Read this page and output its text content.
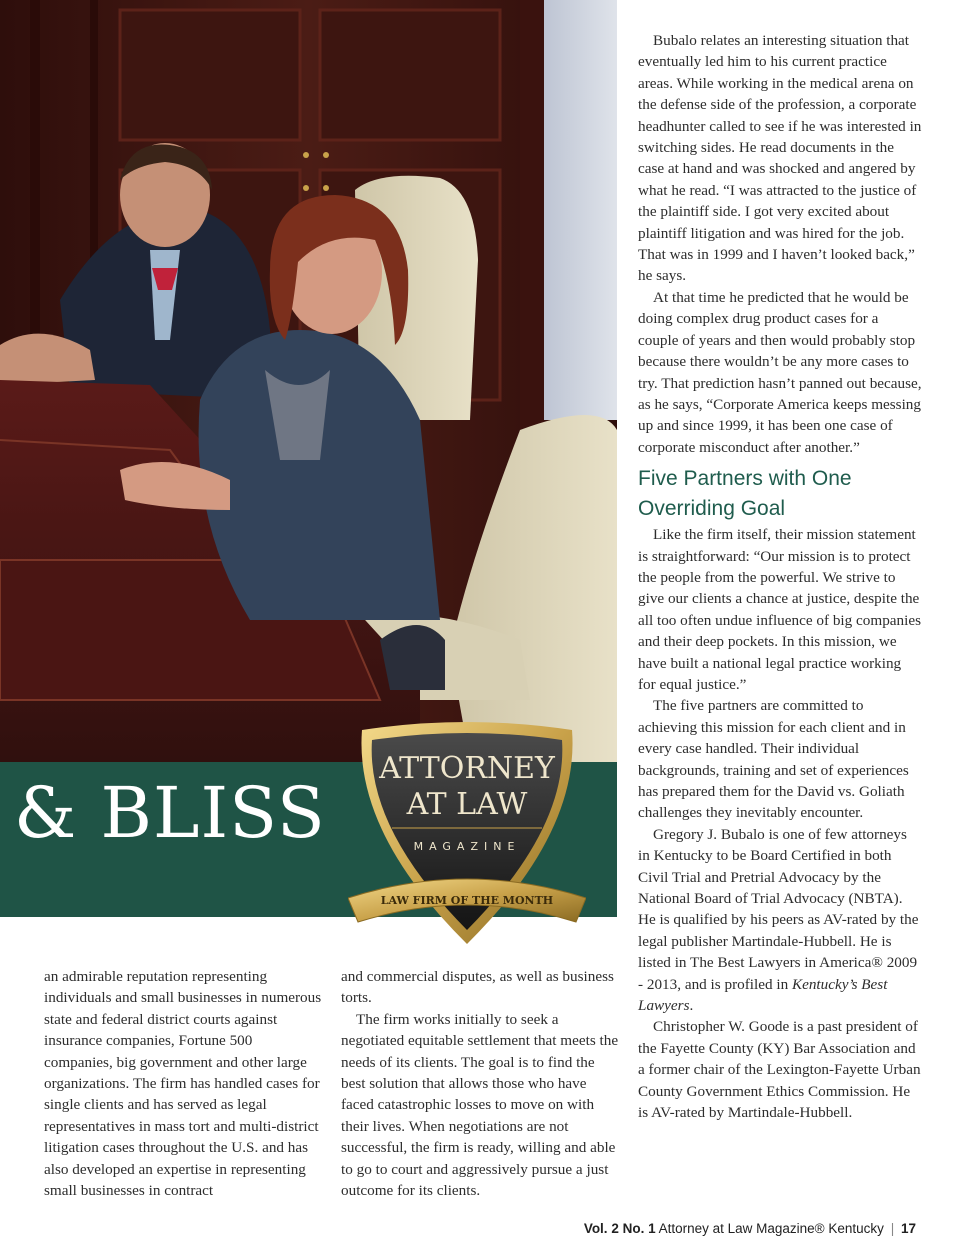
& BLISS
ATTORNEY
AT LAW
MAGAZINE
LAW FIRM OF THE MONTH

Bubalo relates an interesting situation that eventually led him to his current practice areas. While working in the medical arena on the defense side of the profession, a corporate headhunter called to see if he was interested in switching sides. He read documents in the case at hand and was shocked and angered by what he read. “I was attracted to the justice of the plaintiff side. I got very excited about plaintiff litigation and was hired for the job. That was in 1999 and I haven’t looked back,” he says.

At that time he predicted that he would be doing complex drug product cases for a couple of years and then would probably stop because there wouldn’t be any more cases to try. That prediction hasn’t panned out because, as he says, “Corporate America keeps messing up and since 1999, it has been one case of corporate misconduct after another.”

Five Partners with One Overriding Goal

Like the firm itself, their mission statement is straightforward: “Our mission is to protect the people from the powerful. We strive to give our clients a chance at justice, despite the all too often undue influence of big companies and their deep pockets. In this mission, we have built a national legal practice working for equal justice.”

The five partners are committed to achieving this mission for each client and in every case handled. Their individual backgrounds, training and set of experiences has prepared them for the David vs. Goliath challenges they inevitably encounter.

Gregory J. Bubalo is one of few attorneys in Kentucky to be Board Certified in both Civil Trial and Pretrial Advocacy by the National Board of Trial Advocacy (NBTA). He is qualified by his peers as AV-rated by the legal publisher Martindale-Hubbell. He is listed in The Best Lawyers in America® 2009 - 2013, and is profiled in Kentucky’s Best Lawyers.

Christopher W. Goode is a past president of the Fayette County (KY) Bar Association and a former chair of the Lexington-Fayette Urban County Government Ethics Commission. He is AV-rated by Martindale-Hubbell.

an admirable reputation representing individuals and small businesses in numerous state and federal district courts against insurance companies, Fortune 500 companies, big government and other large organizations. The firm has handled cases for single clients and has served as legal representatives in mass tort and multi-district litigation cases throughout the U.S. and has also developed an expertise in representing small businesses in contract

and commercial disputes, as well as business torts.

The firm works initially to seek a negotiated equitable settlement that meets the needs of its clients. The goal is to find the best solution that allows those who have faced catastrophic losses to move on with their lives. When negotiations are not successful, the firm is ready, willing and able to go to court and aggressively pursue a just outcome for its clients.

Vol. 2 No. 1 Attorney at Law Magazine® Kentucky | 17
